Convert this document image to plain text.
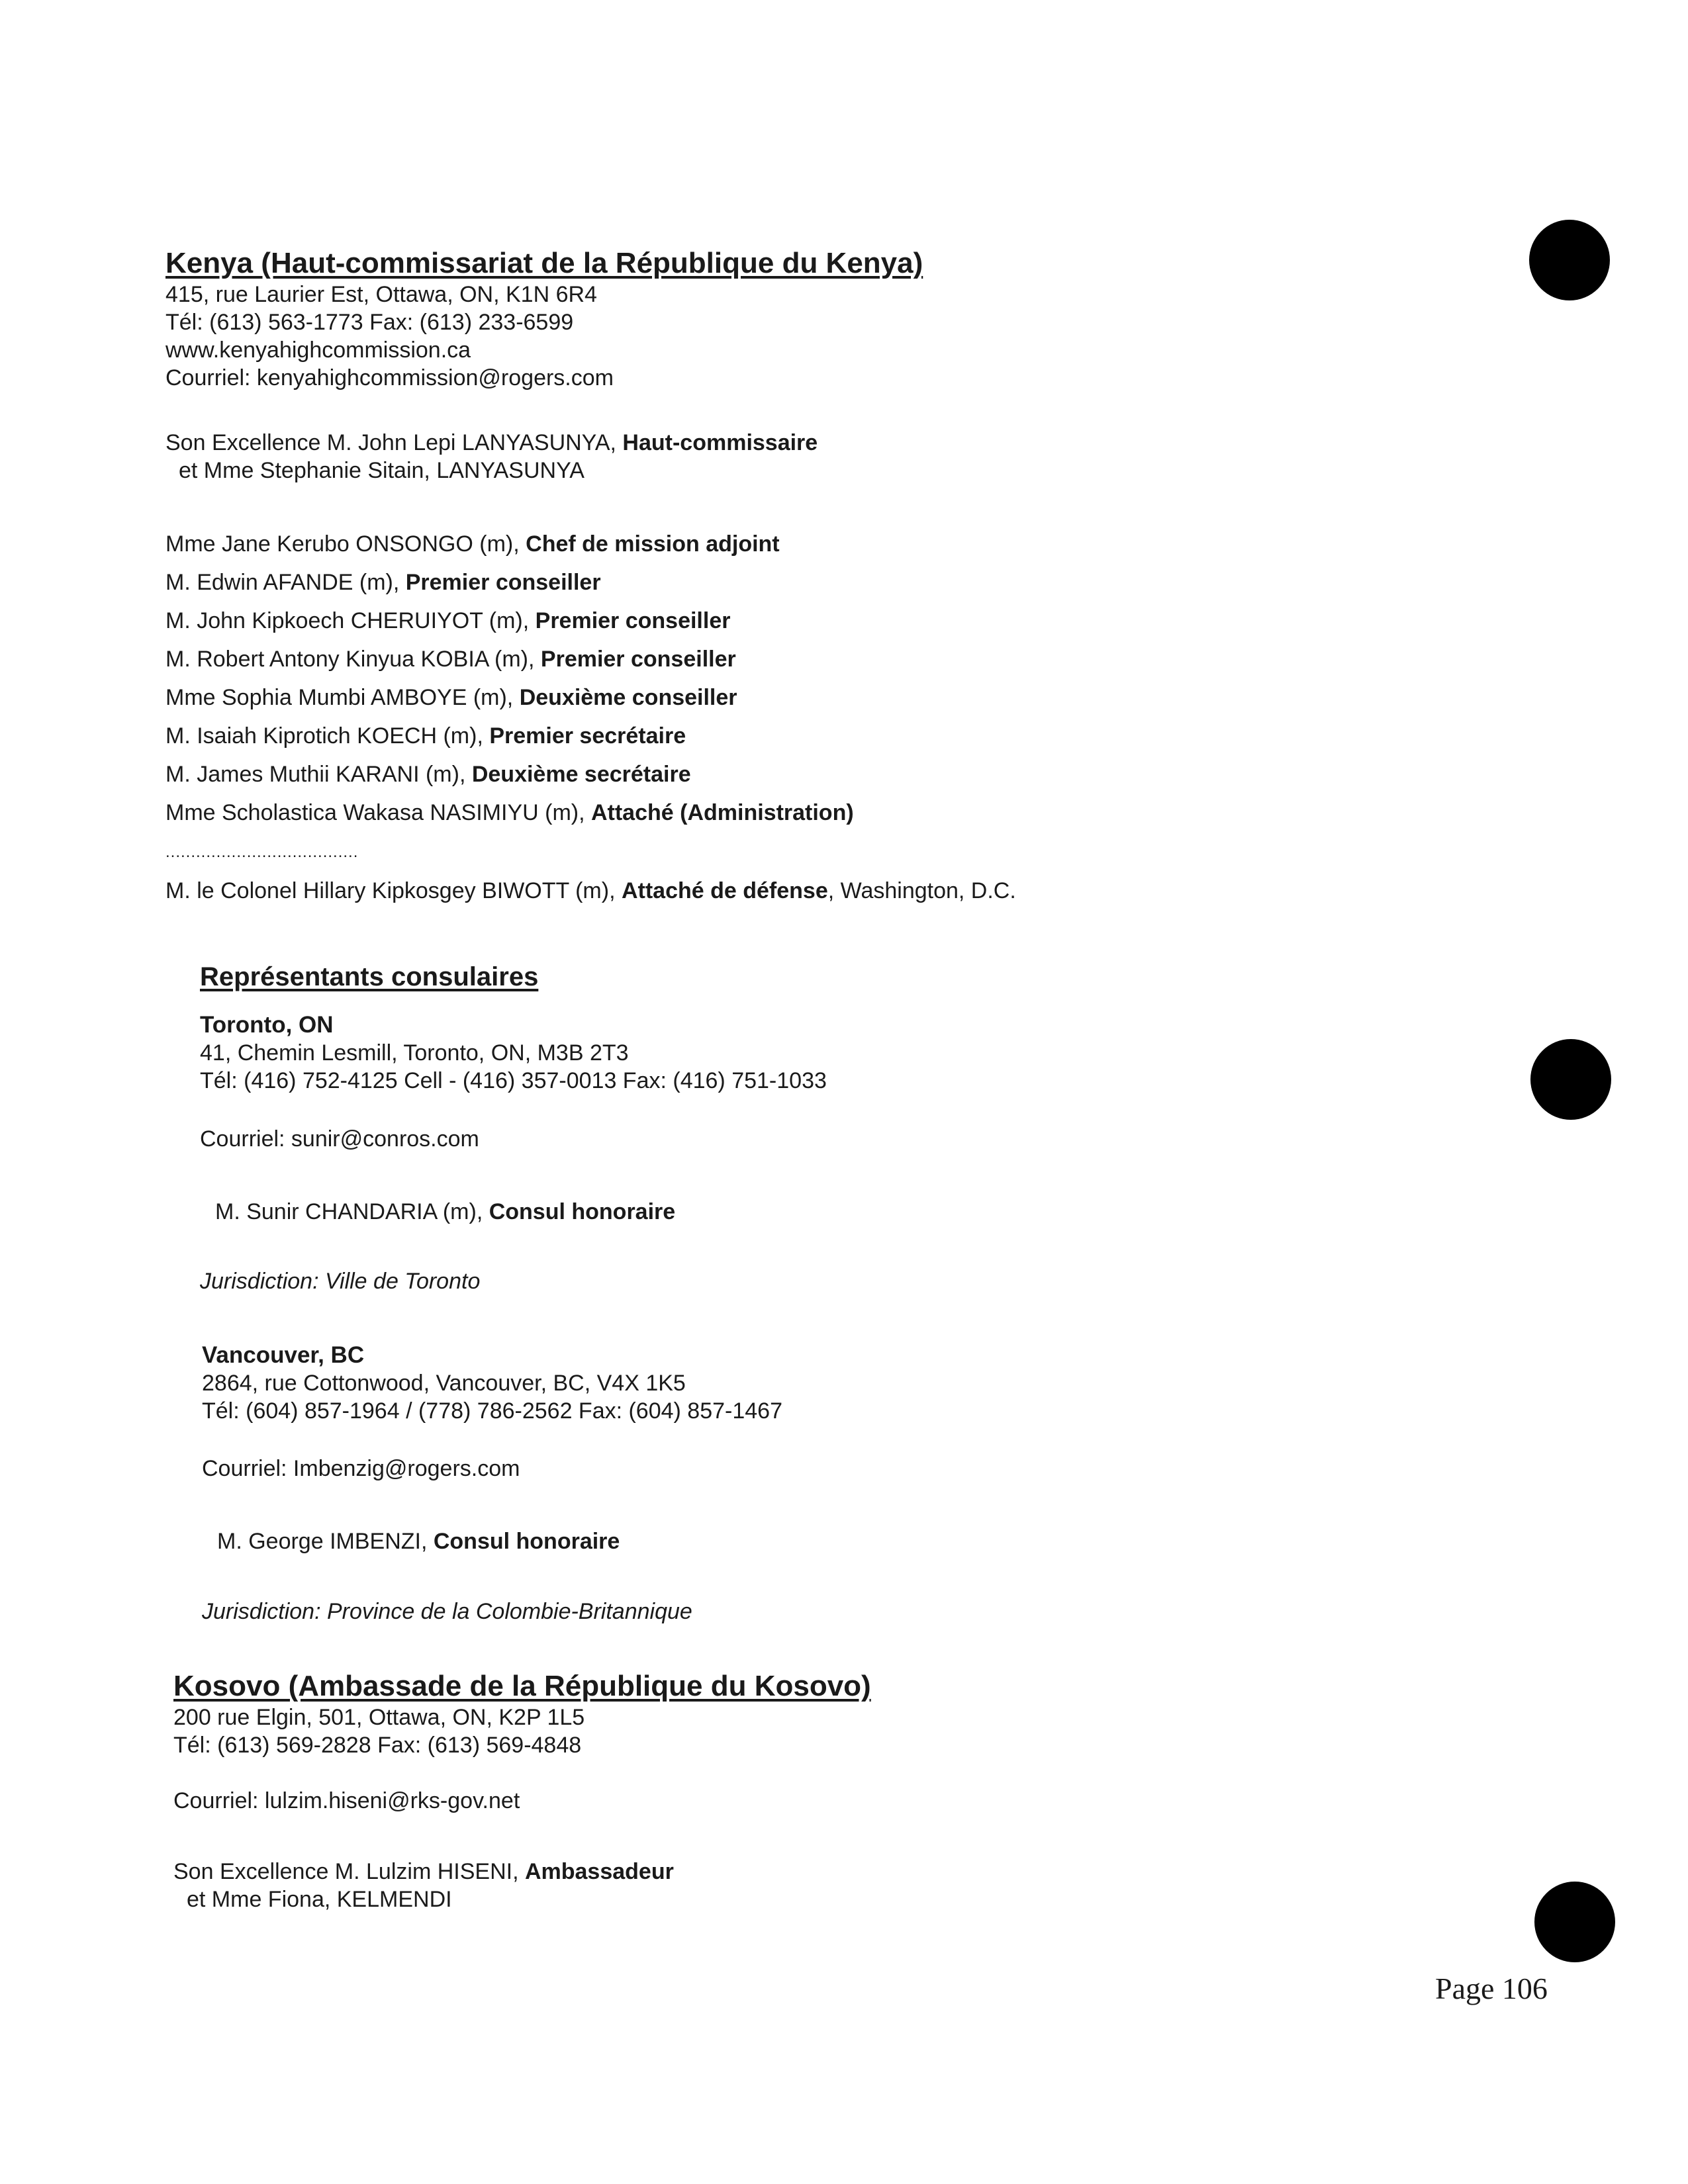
Kenya (Haut-commissariat de la République du Kenya)
415, rue Laurier Est, Ottawa, ON, K1N 6R4
Tél: (613) 563-1773 Fax: (613) 233-6599
www.kenyahighcommission.ca
Courriel: kenyahighcommission@rogers.com
Son Excellence M. John Lepi LANYASUNYA, Haut-commissaire
et Mme Stephanie Sitain, LANYASUNYA
Mme Jane Kerubo ONSONGO (m), Chef de mission adjoint
M. Edwin AFANDE (m), Premier conseiller
M. John Kipkoech CHERUIYOT (m), Premier conseiller
M. Robert Antony Kinyua KOBIA (m), Premier conseiller
Mme Sophia Mumbi AMBOYE (m), Deuxième conseiller
M. Isaiah Kiprotich KOECH (m), Premier secrétaire
M. James Muthii KARANI (m), Deuxième secrétaire
Mme Scholastica Wakasa NASIMIYU (m), Attaché (Administration)
......................................
M. le Colonel Hillary Kipkosgey BIWOTT (m), Attaché de défense, Washington, D.C.
Représentants consulaires
Toronto, ON
41, Chemin Lesmill, Toronto, ON, M3B 2T3
Tél: (416) 752-4125 Cell - (416) 357-0013 Fax: (416) 751-1033
Courriel: sunir@conros.com
M. Sunir CHANDARIA (m), Consul honoraire
Jurisdiction: Ville de Toronto
Vancouver, BC
2864, rue Cottonwood, Vancouver, BC, V4X 1K5
Tél: (604) 857-1964 / (778) 786-2562 Fax: (604) 857-1467
Courriel: Imbenzig@rogers.com
M. George IMBENZI, Consul honoraire
Jurisdiction: Province de la Colombie-Britannique
Kosovo (Ambassade de la République du Kosovo)
200 rue Elgin, 501, Ottawa, ON, K2P 1L5
Tél: (613) 569-2828 Fax: (613) 569-4848
Courriel: lulzim.hiseni@rks-gov.net
Son Excellence M. Lulzim HISENI, Ambassadeur
et Mme Fiona, KELMENDI
Page 106
